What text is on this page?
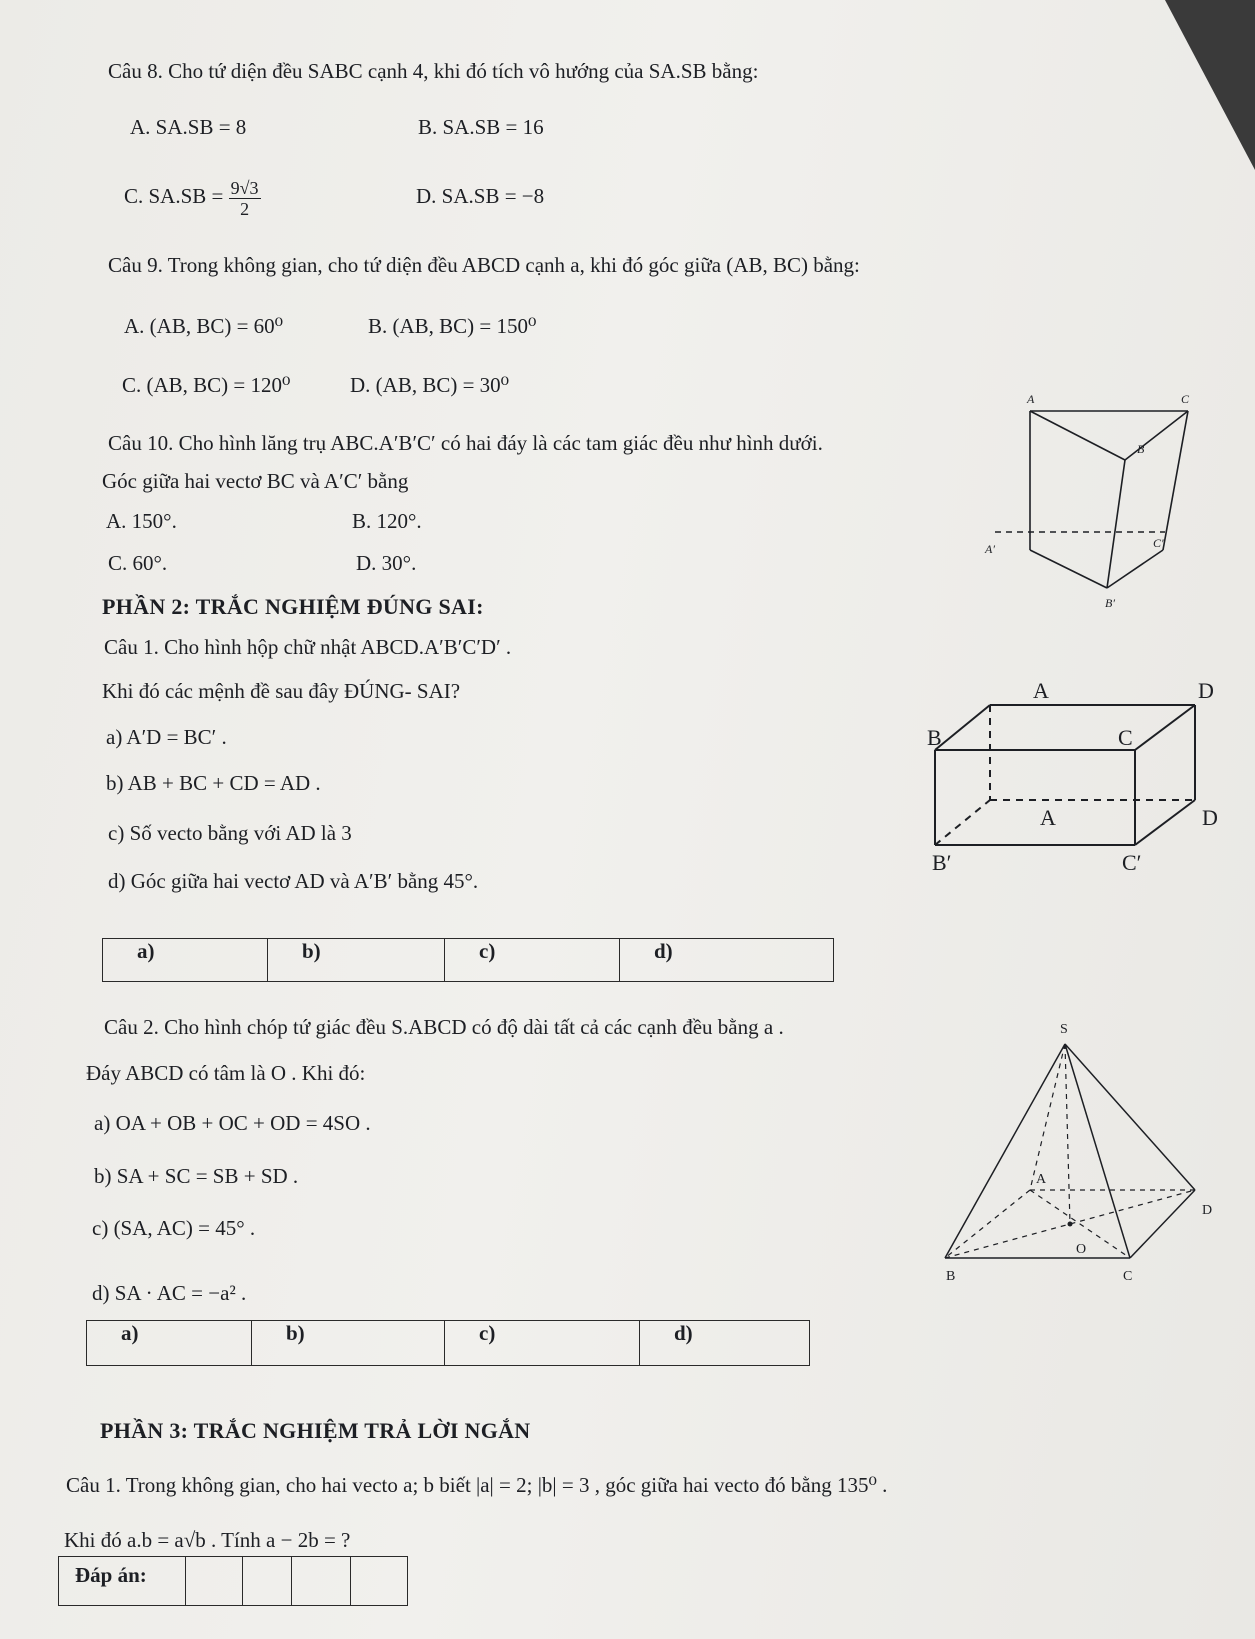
Câu 8. Cho tứ diện đều SABC cạnh 4, khi đó tích vô hướng của SA.SB bằng:
A. SA.SB = 8	B. SA.SB = 16
C. $SA.SB = \frac{9√3}{2}$	D. SA.SB = −8
Câu 9. Trong không gian, cho tứ diện đều ABCD cạnh a, khi đó góc giữa (AB, BC) bằng:
A. (AB, BC) = 60⁰	B. (AB, BC) = 150⁰
C. (AB, BC) = 120⁰	D. (AB, BC) = 30⁰
Câu 10. Cho hình lăng trụ ABC.A′B′C′ có hai đáy là các tam giác đều như hình dưới.
Góc giữa hai vectơ BC và A′C′ bằng
A. 150°.	B. 120°.
C. 60°.	D. 30°.
A	C
B
A′	C′
B′
PHẦN 2: TRẮC NGHIỆM ĐÚNG SAI:
Câu 1. Cho hình hộp chữ nhật ABCD.A′B′C′D′ .
Khi đó các mệnh đề sau đây ĐÚNG- SAI?
a) A′D = BC′ .
b) AB + BC + CD = AD .
c) Số vecto bằng với AD là 3
d) Góc giữa hai vectơ AD và A′B′ bằng 45°.
A	D
B	C
A	D
B′	C′
a)	b)	c)	d)
Câu 2. Cho hình chóp tứ giác đều S.ABCD có độ dài tất cả các cạnh đều bằng a .
Đáy ABCD có tâm là O . Khi đó:
a) OA + OB + OC + OD = 4SO .
b) SA + SC = SB + SD .
c) (SA, AC) = 45° .
d) SA · AC = −a² .
S
A
D
O
B	C
a)	b)	c)	d)
PHẦN 3: TRẮC NGHIỆM TRẢ LỜI NGẮN
Câu 1. Trong không gian, cho hai vecto a; b biết |a| = 2; |b| = 3 , góc giữa hai vecto đó bằng 135⁰ .
Khi đó a.b = a√b . Tính a − 2b = ?
Đáp án:				
